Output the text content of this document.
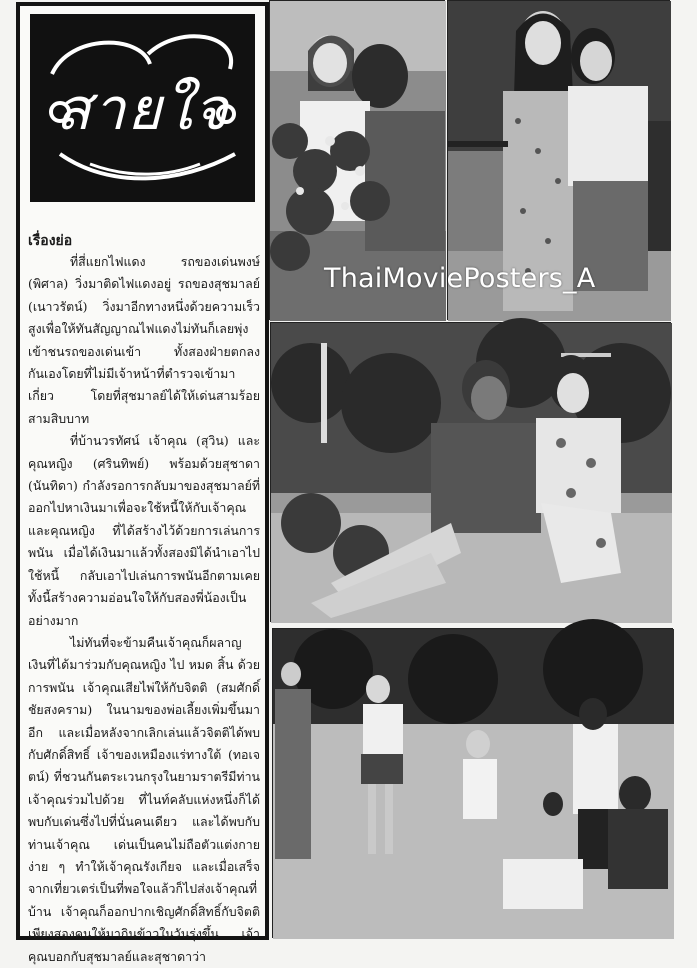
สายใจ
เรื่องย่อ

ที่สี่แยกไฟแดง รถของเด่นพงษ์ (พิศาล) วิ่งมาติดไฟแดงอยู่ รถของสุชมาลย์ (เนาวรัตน์) วิ่งมาอีกทางหนึ่งด้วยความเร็วสูงเพื่อให้ทันสัญญาณไฟแดงไม่ทันก็เลยพุ่งเข้าชนรถของเด่นเข้า ทั้งสองฝ่ายตกลงกันเองโดยที่ไม่มีเจ้าหน้าที่ตำรวจเข้ามาเกี่ยว โดยที่สุชมาลย์ได้ให้เด่นสามร้อยสามสิบบาท

ที่บ้านวรทัศน์ เจ้าคุณ (สุวิน) และคุณหญิง (ศรินทิพย์) พร้อมด้วยสุชาดา (นันทิดา) กำลังรอการกลับมาของสุชมาลย์ที่ออกไปหาเงินมาเพื่อจะใช้หนี้ให้กับเจ้าคุณและคุณหญิง ที่ได้สร้างไว้ด้วยการเล่นการพนัน เมื่อได้เงินมาแล้วทั้งสองมิได้นำเอาไปใช้หนี้ กลับเอาไปเล่นการพนันอีกตามเคย ทั้งนี้สร้างความอ่อนใจให้กับสองพี่น้องเป็นอย่างมาก

ไม่ทันที่จะข้ามคืนเจ้าคุณก็ผลาญเงินที่ได้มาร่วมกับคุณหญิง ไป หมด สิ้น ด้วยการพนัน เจ้าคุณเสียไพ่ให้กับจิตติ (สมศักดิ์ชัยสงคราม) ในนามของพ่อเลี้ยงเพิ่มขึ้นมาอีก และเมื่อหลังจากเลิกเล่นแล้วจิตติได้พบกับศักดิ์สิทธิ์ เจ้าของเหมืองแร่ทางใต้ (ทอเจตน์) ที่ชวนกันตระเวนกรุงในยามราตรีมีท่านเจ้าคุณร่วมไปด้วย ที่ไนท์คลับแห่งหนึ่งก็ได้พบกับเด่นซึ่งไปที่นั่นคนเดียว และได้พบกับท่านเจ้าคุณ เด่นเป็นคนไม่ถือตัวแต่งกายง่าย ๆ ทำให้เจ้าคุณรังเกียจ และเมื่อเสร็จจากเที่ยวเตร่เป็นที่พอใจแล้วก็ไปส่งเจ้าคุณที่บ้าน เจ้าคุณก็ออกปากเชิญศักดิ์สิทธิ์กับจิตติเพียงสองคนให้มากินข้าวในวันรุ่งขึ้น เจ้าคุณบอกกับสุชมาลย์และสุชาดาว่า

ThaiMoviePosters_A
